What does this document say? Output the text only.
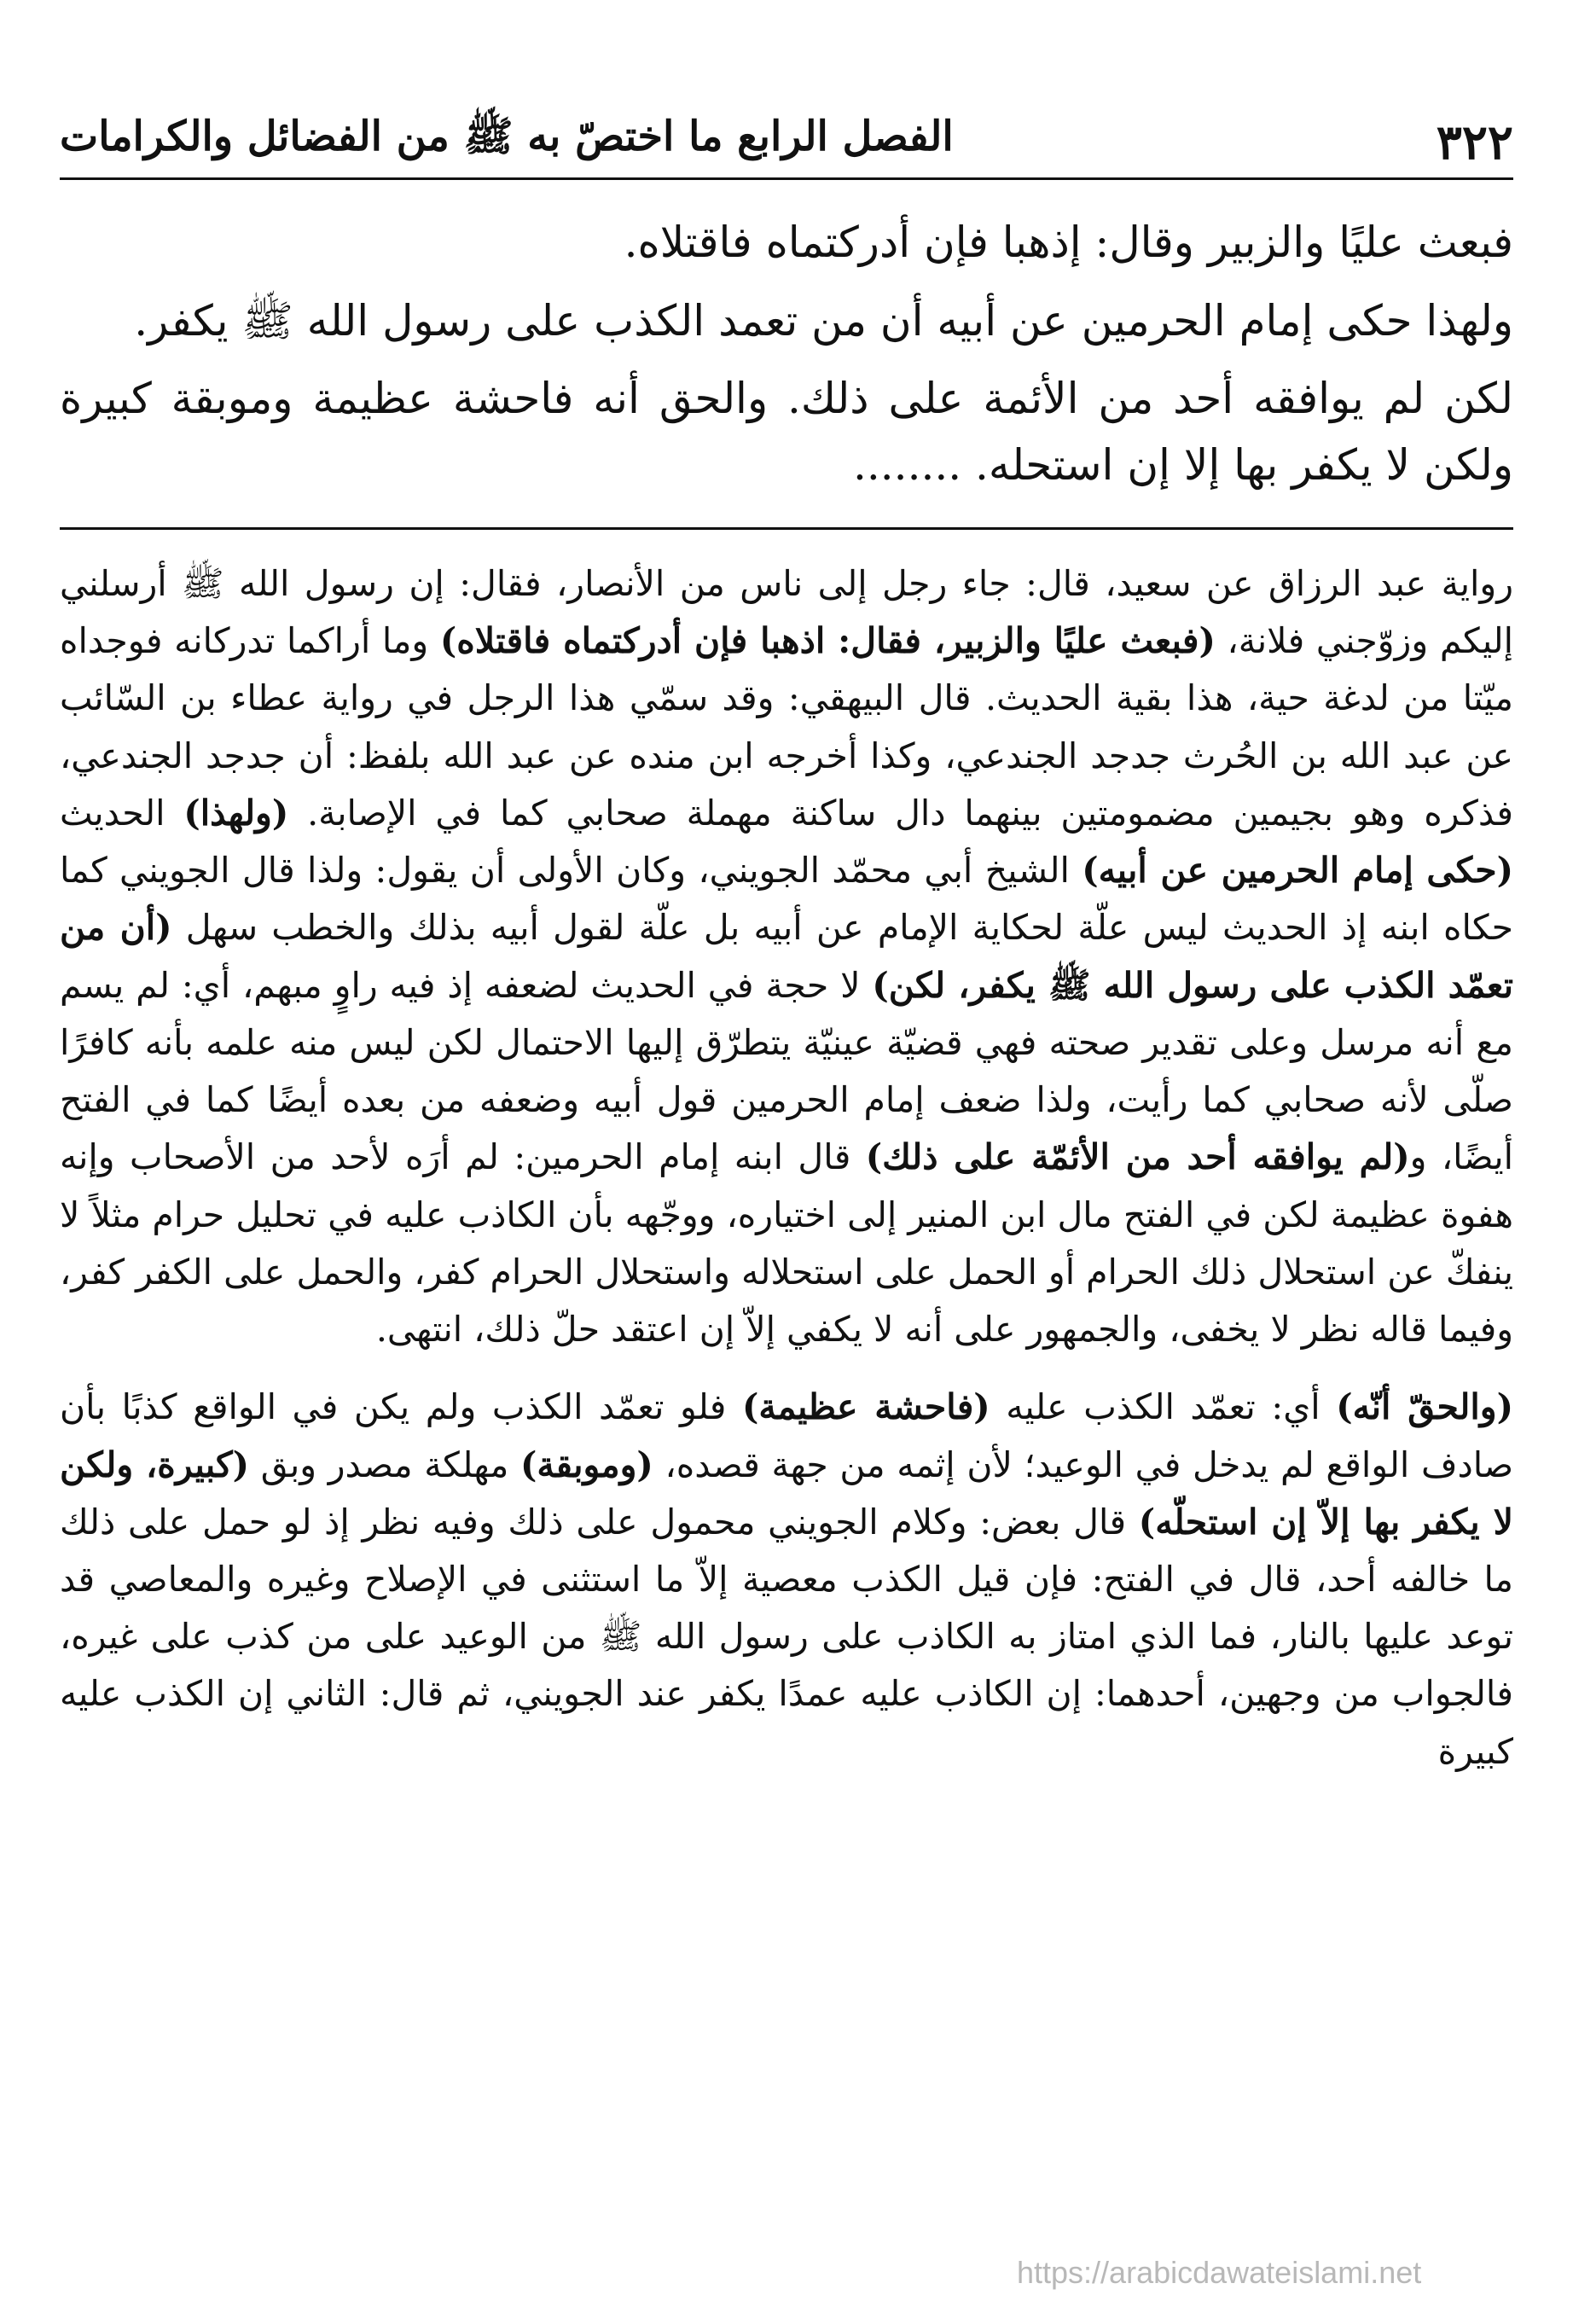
٣٢٢
الفصل الرابع ما اختصّ به ﷺ من الفضائل والكرامات

فبعث عليًا والزبير وقال: إذهبا فإن أدركتماه فاقتلاه.

ولهذا حكى إمام الحرمين عن أبيه أن من تعمد الكذب على رسول الله ﷺ يكفر.

لكن لم يوافقه أحد من الأئمة على ذلك. والحق أنه فاحشة عظيمة وموبقة كبيرة ولكن لا يكفر بها إلا إن استحله. ........

رواية عبد الرزاق عن سعيد، قال: جاء رجل إلى ناس من الأنصار، فقال: إن رسول الله ﷺ أرسلني إليكم وزوّجني فلانة، (فبعث عليًا والزبير، فقال: اذهبا فإن أدركتماه فاقتلاه) وما أراكما تدركانه فوجداه ميّتا من لدغة حية، هذا بقية الحديث. قال البيهقي: وقد سمّي هذا الرجل في رواية عطاء بن السّائب عن عبد الله بن الحُرث جدجد الجندعي، وكذا أخرجه ابن منده عن عبد الله بلفظ: أن جدجد الجندعي، فذكره وهو بجيمين مضمومتين بينهما دال ساكنة مهملة صحابي كما في الإصابة. (ولهذا) الحديث (حكى إمام الحرمين عن أبيه) الشيخ أبي محمّد الجويني، وكان الأولى أن يقول: ولذا قال الجويني كما حكاه ابنه إذ الحديث ليس علّة لحكاية الإمام عن أبيه بل علّة لقول أبيه بذلك والخطب سهل (أن من تعمّد الكذب على رسول الله ﷺ يكفر، لكن) لا حجة في الحديث لضعفه إذ فيه راوٍ مبهم، أي: لم يسم مع أنه مرسل وعلى تقدير صحته فهي قضيّة عينيّة يتطرّق إليها الاحتمال لكن ليس منه علمه بأنه كافرًا صلّى لأنه صحابي كما رأيت، ولذا ضعف إمام الحرمين قول أبيه وضعفه من بعده أيضًا كما في الفتح أيضًا، و(لم يوافقه أحد من الأئمّة على ذلك) قال ابنه إمام الحرمين: لم أرَه لأحد من الأصحاب وإنه هفوة عظيمة لكن في الفتح مال ابن المنير إلى اختياره، ووجّهه بأن الكاذب عليه في تحليل حرام مثلاً لا ينفكّ عن استحلال ذلك الحرام أو الحمل على استحلاله واستحلال الحرام كفر، والحمل على الكفر كفر، وفيما قاله نظر لا يخفى، والجمهور على أنه لا يكفي إلاّ إن اعتقد حلّ ذلك، انتهى.

(والحقّ أنّه) أي: تعمّد الكذب عليه (فاحشة عظيمة) فلو تعمّد الكذب ولم يكن في الواقع كذبًا بأن صادف الواقع لم يدخل في الوعيد؛ لأن إثمه من جهة قصده، (وموبقة) مهلكة مصدر وبق (كبيرة، ولكن لا يكفر بها إلاّ إن استحلّه) قال بعض: وكلام الجويني محمول على ذلك وفيه نظر إذ لو حمل على ذلك ما خالفه أحد، قال في الفتح: فإن قيل الكذب معصية إلاّ ما استثنى في الإصلاح وغيره والمعاصي قد توعد عليها بالنار، فما الذي امتاز به الكاذب على رسول الله ﷺ من الوعيد على من كذب على غيره، فالجواب من وجهين، أحدهما: إن الكاذب عليه عمدًا يكفر عند الجويني، ثم قال: الثاني إن الكذب عليه كبيرة

https://arabicdawateislami.net
